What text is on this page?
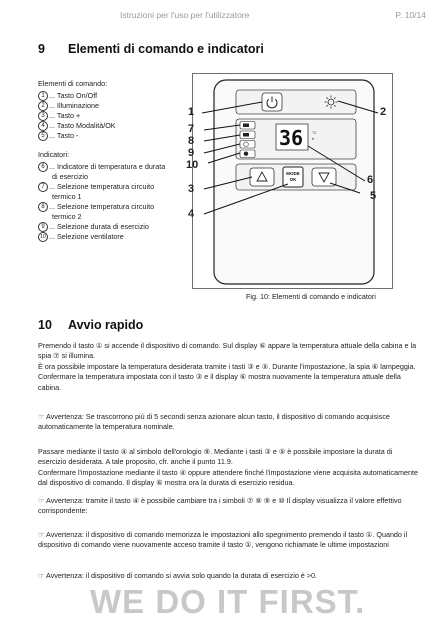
Istruzioni per l'uso per l'utilizzatore	P. 10/14
9 Elementi di comando e indicatori
Elementi di comando:
1 ... Tasto On/Off
2 ... Illuminazione
3 ... Tasto +
4 ... Tasto Modalità/OK
5 ... Tasto -
Indicatori:
6 ... Indicatore di temperatura e durata
di esercizio
7 ... Selezione temperatura circuito
termico 1
8 ... Selezione temperatura circuito
termico 2
9 ... Selezione durata di esercizio
10 ... Selezione ventilatore
36 °C
h
MODE
OK
1	2
3
4
5
6
7
8
9
10
Fig. 10: Elementi di comando e indicatori
10 Avvio rapido

Premendo il tasto ① si accende il dispositivo di comando. Sul display ⑥ appare la temperatura attuale della cabina e la spia ⑦ si illumina.

È ora possibile impostare la temperatura desiderata tramite i tasti ③ e ⑤. Durante l'impostazione, la spia ⑥ lampeggia.

Confermare la temperatura impostata con il tasto ③ e il display ⑥ mostra nuovamente la temperatura attuale della cabina.

☞ Avvertenza: Se trascorrono più di 5 secondi senza azionare alcun tasto, il dispositivo di comando acquisisce automaticamente la temperatura nominale.

Passare mediante il tasto ④ al simbolo dell'orologio ⑨. Mediante i tasti ③ e ⑤ è possibile impostare la durata di esercizio desiderata. A tale proposito, cfr. anche il punto 11.9.

Confermare l'impostazione mediante il tasto ④ oppure attendere finché l'impostazione viene acquisita automaticamente dal dispositivo di comando. Il display ⑥ mostra ora la durata di esercizio residua.

☞ Avvertenza: tramite il tasto ④ è possibile cambiare tra i simboli ⑦ ⑧ ⑨ e ⑩ Il display visualizza il valore effettivo corrispondente:

☞ Avvertenza: il dispositivo di comando memorizza le impostazioni allo spegnimento premendo il tasto ①. Quando il dispositivo di comando viene nuovamente acceso tramite il tasto ①, vengono richiamate le ultime impostazioni

☞ Avvertenza: il dispositivo di comando si avvia solo quando la durata di esercizio è >0.

WE DO IT FIRST.
